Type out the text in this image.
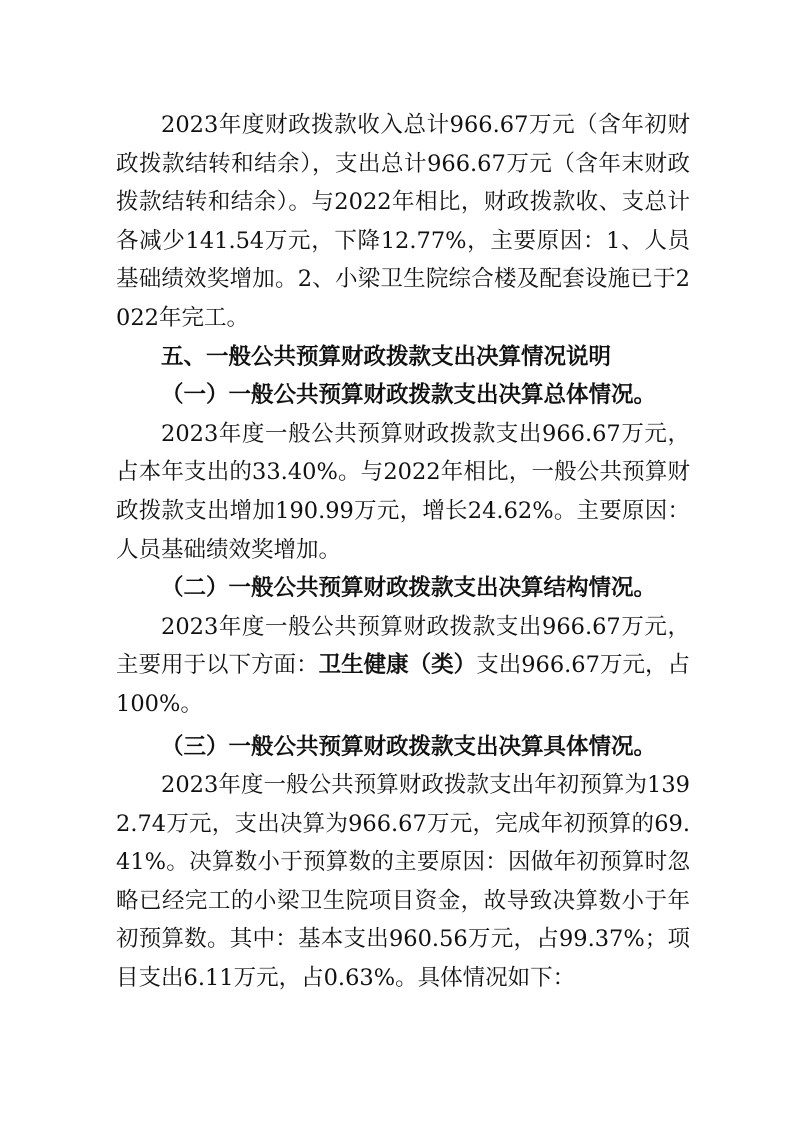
2023年度财政拨款收入总计966.67万元（含年初财政拨款结转和结余），支出总计966.67万元（含年末财政拨款结转和结余）。与2022年相比，财政拨款收、支总计各减少141.54万元，下降12.77%，主要原因：1、人员基础绩效奖增加。2、小梁卫生院综合楼及配套设施已于2022年完工。

五、一般公共预算财政拨款支出决算情况说明

（一）一般公共预算财政拨款支出决算总体情况。

2023年度一般公共预算财政拨款支出966.67万元，占本年支出的33.40%。与2022年相比，一般公共预算财政拨款支出增加190.99万元，增长24.62%。主要原因：人员基础绩效奖增加。

（二）一般公共预算财政拨款支出决算结构情况。

2023年度一般公共预算财政拨款支出966.67万元，主要用于以下方面：卫生健康（类）支出966.67万元，占100%。

（三）一般公共预算财政拨款支出决算具体情况。

2023年度一般公共预算财政拨款支出年初预算为1392.74万元，支出决算为966.67万元，完成年初预算的69.41%。决算数小于预算数的主要原因：因做年初预算时忽略已经完工的小梁卫生院项目资金，故导致决算数小于年初预算数。其中：基本支出960.56万元，占99.37%；项目支出6.11万元，占0.63%。具体情况如下：
